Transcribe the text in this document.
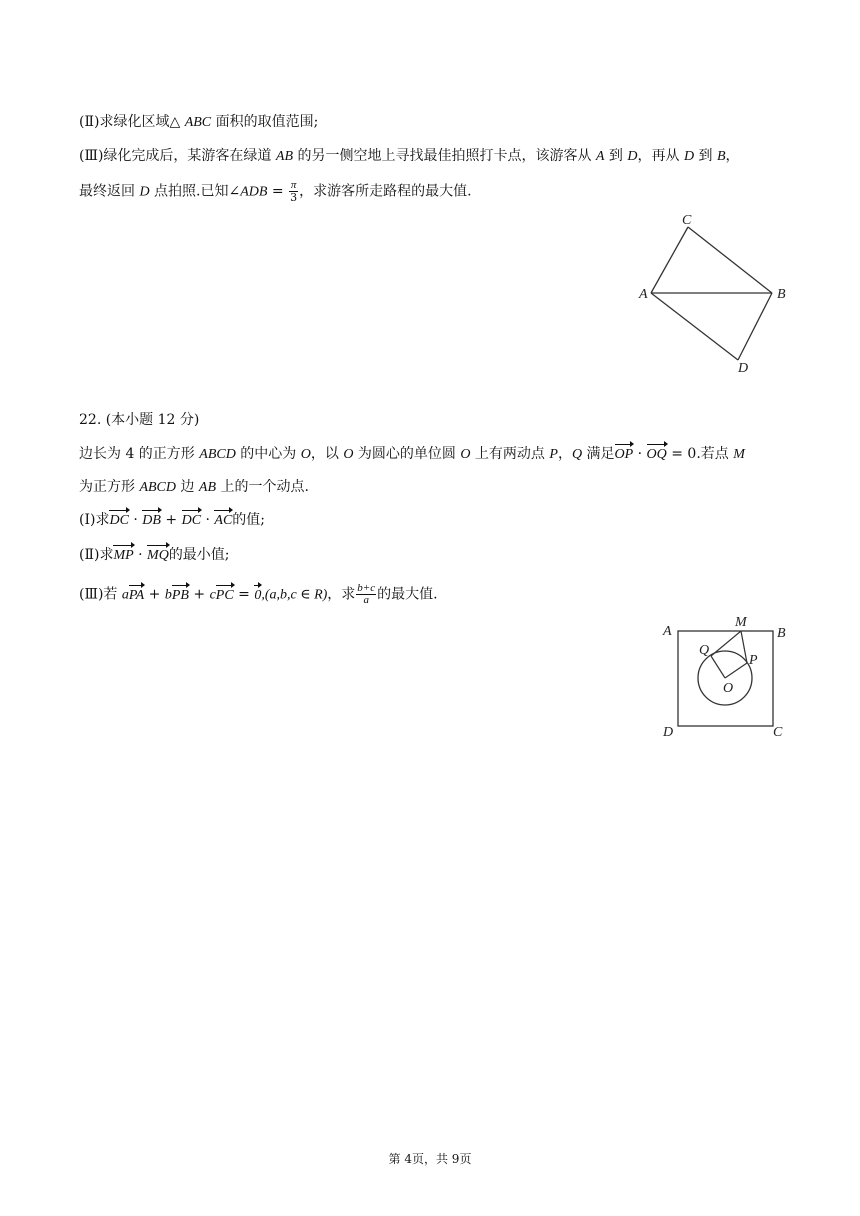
(Ⅱ)求绿化区域△ ABC 面积的取值范围;
(Ⅲ)绿化完成后，某游客在绿道 AB 的另一侧空地上寻找最佳拍照打卡点，该游客从 A 到 D，再从 D 到 B，
最终返回 D 点拍照.已知∠ADB = $\frac{\pi}{3}$ ，求游客所走路程的最大值.
C
A	B
D
22. (本小题 12 分)
边长为 4 的正方形 ABCD 的中心为 O，以 O 为圆心的单位圆 O 上有两动点 P，Q 满足OP · OQ = 0.若点 M
为正方形 ABCD 边 AB 上的一个动点.
(Ⅰ)求DC · DB + DC · AC的值;
(Ⅱ)求MP · MQ的最小值;
(Ⅲ)若 aPA + bPB + cPC = 0,(a,b,c ∈ R)，求 $\frac{b+c}{a}$ 的最大值.
A	B
C
D
M
Q
P
O
第 4页，共 9页
